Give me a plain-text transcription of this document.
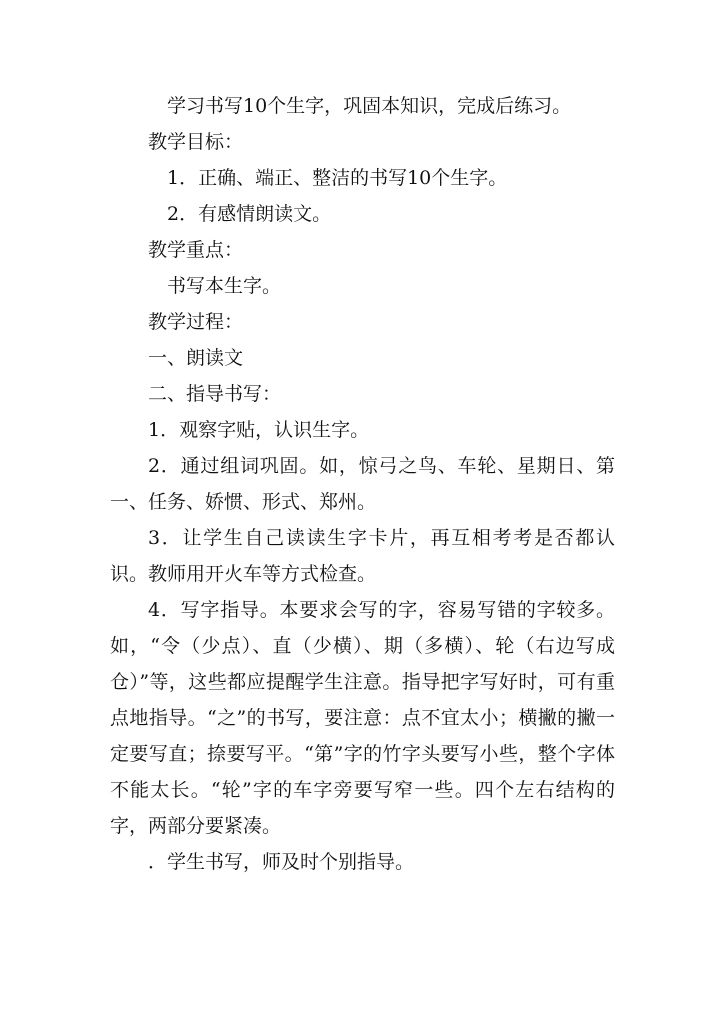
学习书写10个生字，巩固本知识，完成后练习。

教学目标：

1．正确、端正、整洁的书写10个生字。

2．有感情朗读文。

教学重点：

书写本生字。

教学过程：

一、朗读文

二、指导书写：

1．观察字贴，认识生字。

2．通过组词巩固。如，惊弓之鸟、车轮、星期日、第一、任务、娇惯、形式、郑州。

3．让学生自己读读生字卡片，再互相考考是否都认识。教师用开火车等方式检查。

4．写字指导。本要求会写的字，容易写错的字较多。如，“令（少点）、直（少横）、期（多横）、轮（右边写成仓）”等，这些都应提醒学生注意。指导把字写好时，可有重点地指导。“之”的书写，要注意：点不宜太小；横撇的撇一定要写直；捺要写平。“第”字的竹字头要写小些，整个字体不能太长。“轮”字的车字旁要写窄一些。四个左右结构的字，两部分要紧凑。

．学生书写，师及时个别指导。
